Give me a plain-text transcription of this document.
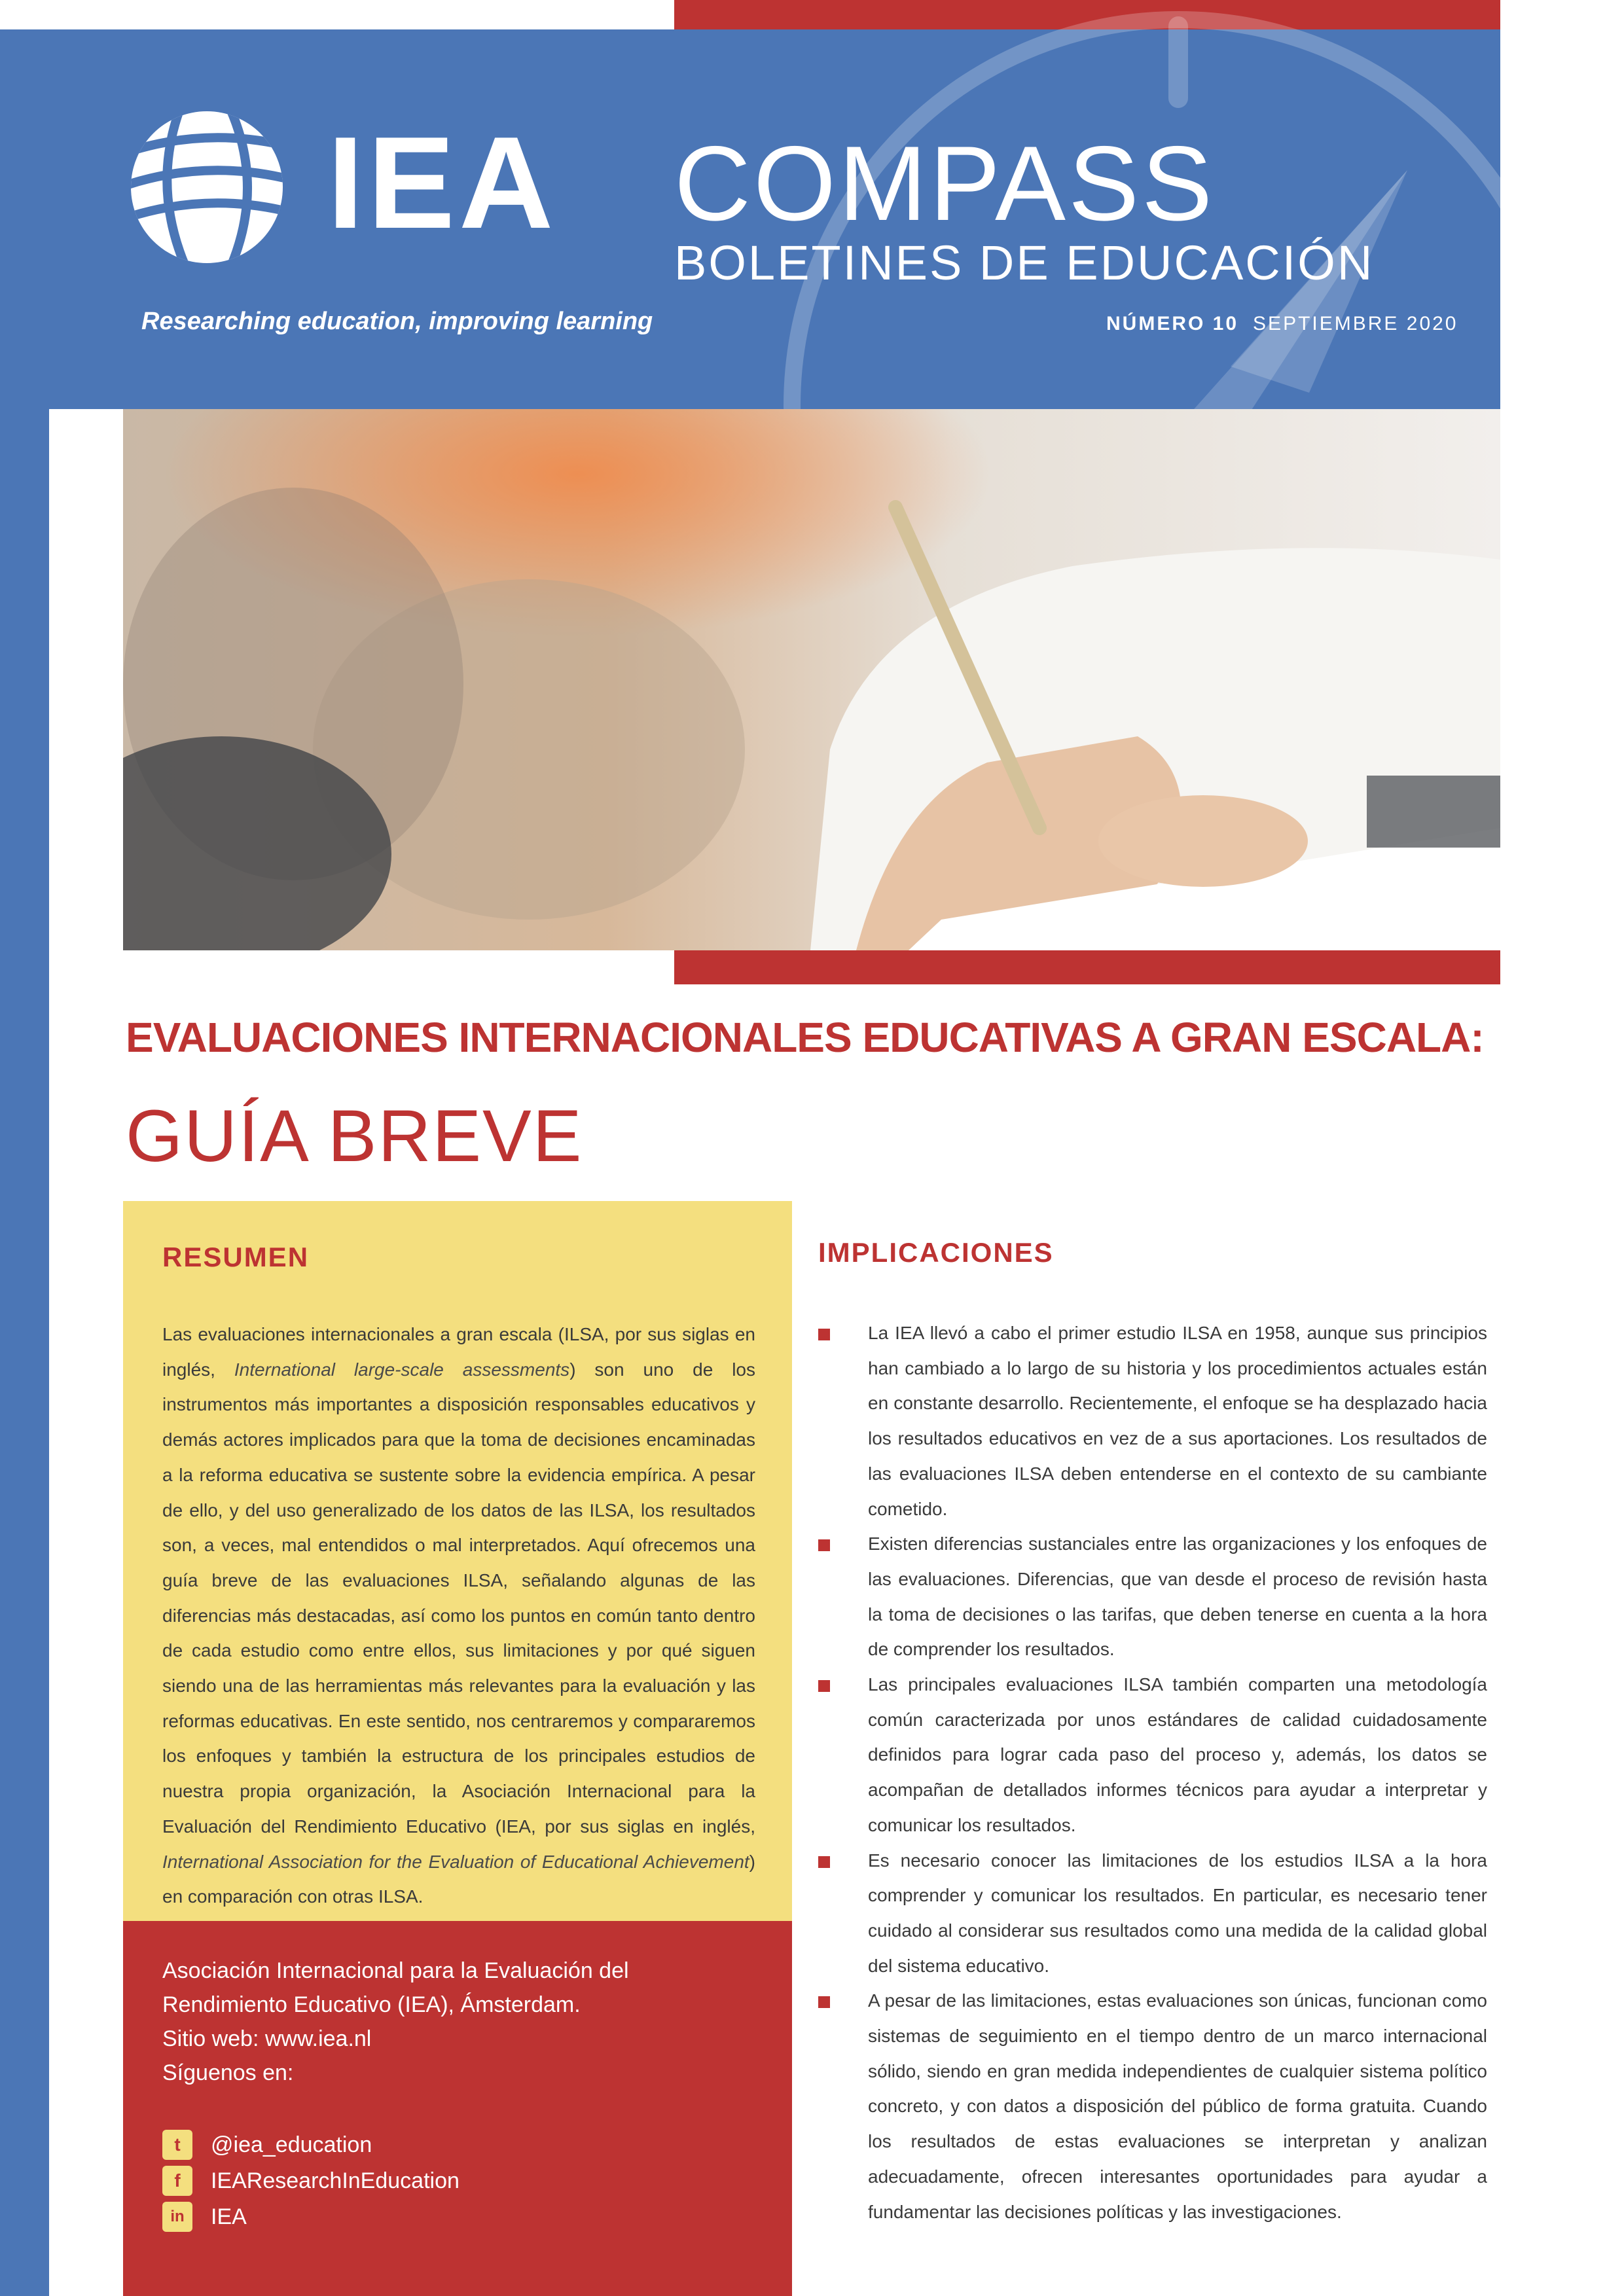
IEA
Researching education, improving learning
COMPASS
BOLETINES DE EDUCACIÓN
NÚMERO 10 SEPTIEMBRE 2020
EVALUACIONES INTERNACIONALES EDUCATIVAS A GRAN ESCALA:
GUÍA BREVE
RESUMEN

Las evaluaciones internacionales a gran escala (ILSA, por sus siglas en inglés, International large-scale assessments) son uno de los instrumentos más importantes a disposición responsables educativos y demás actores implicados para que la toma de decisiones encaminadas a la reforma educativa se sustente sobre la evidencia empírica. A pesar de ello, y del uso generalizado de los datos de las ILSA, los resultados son, a veces, mal entendidos o mal interpretados. Aquí ofrecemos una guía breve de las evaluaciones ILSA, señalando algunas de las diferencias más destacadas, así como los puntos en común tanto dentro de cada estudio como entre ellos, sus limitaciones y por qué siguen siendo una de las herramientas más relevantes para la evaluación y las reformas educativas. En este sentido, nos centraremos y compararemos los enfoques y también la estructura de los principales estudios de nuestra propia organización, la Asociación Internacional para la Evaluación del Rendimiento Educativo (IEA, por sus siglas en inglés, International Association for the Evaluation of Educational Achievement) en comparación con otras ILSA.

Asociación Internacional para la Evaluación del
Rendimiento Educativo (IEA), Ámsterdam.
Sitio web: www.iea.nl
Síguenos en:
t	@iea_education
f	IEAResearchInEducation
in	IEA
IMPLICACIONES
La IEA llevó a cabo el primer estudio ILSA en 1958, aunque sus principios han cambiado a lo largo de su historia y los procedimientos actuales están en constante desarrollo. Recientemente, el enfoque se ha desplazado hacia los resultados educativos en vez de a sus aportaciones. Los resultados de las evaluaciones ILSA deben entenderse en el contexto de su cambiante cometido.
Existen diferencias sustanciales entre las organizaciones y los enfoques de las evaluaciones. Diferencias, que van desde el proceso de revisión hasta la toma de decisiones o las tarifas, que deben tenerse en cuenta a la hora de comprender los resultados.
Las principales evaluaciones ILSA también comparten una metodología común caracterizada por unos estándares de calidad cuidadosamente definidos para lograr cada paso del proceso y, además, los datos se acompañan de detallados informes técnicos para ayudar a interpretar y comunicar los resultados.
Es necesario conocer las limitaciones de los estudios ILSA a la hora comprender y comunicar los resultados. En particular, es necesario tener cuidado al considerar sus resultados como una medida de la calidad global del sistema educativo.
A pesar de las limitaciones, estas evaluaciones son únicas, funcionan como sistemas de seguimiento en el tiempo dentro de un marco internacional sólido, siendo en gran medida independientes de cualquier sistema político concreto, y con datos a disposición del público de forma gratuita. Cuando los resultados de estas evaluaciones se interpretan y analizan adecuadamente, ofrecen interesantes oportunidades para ayudar a fundamentar las decisiones políticas y las investigaciones.
